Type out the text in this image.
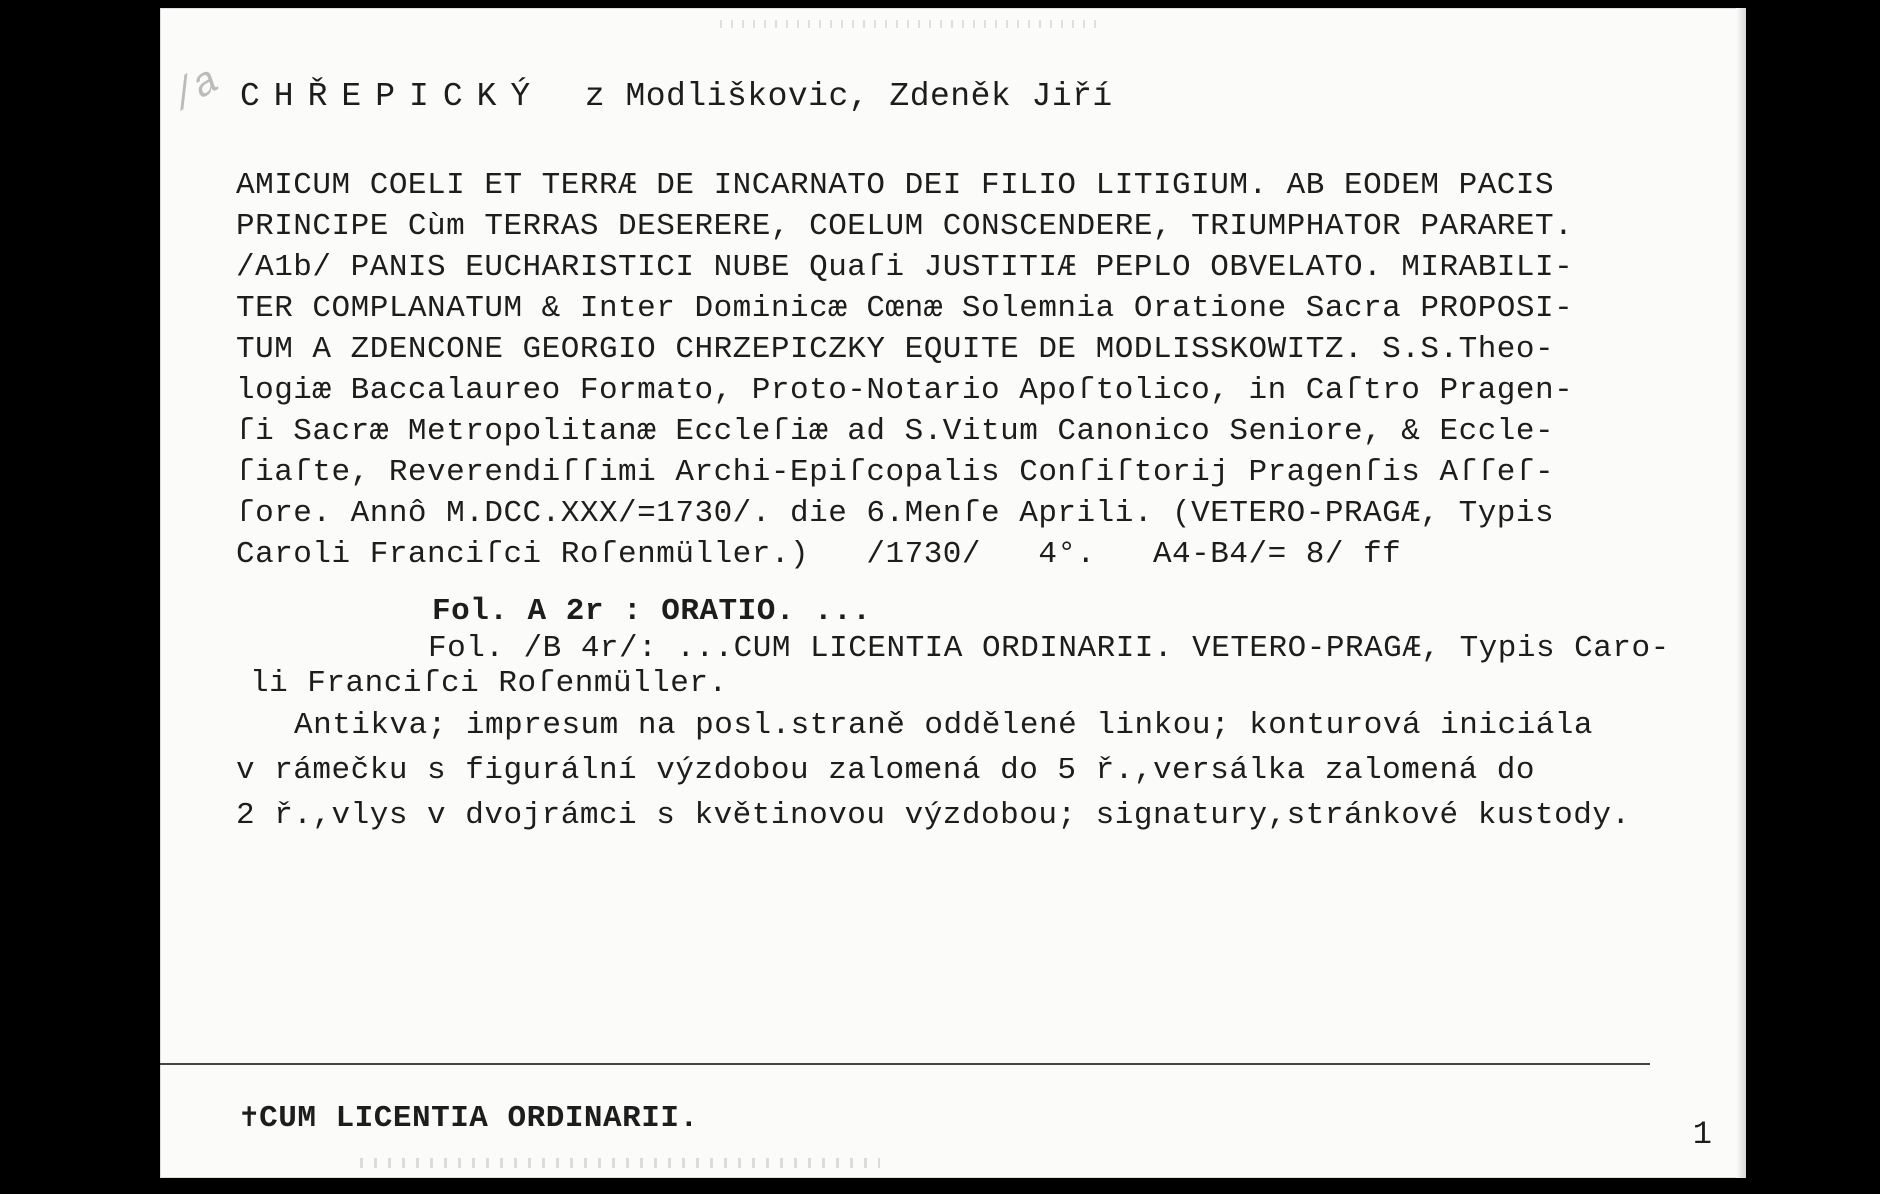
/a CHŘEPICKÝ z Modliškovic, Zdeněk Jiří
AMICUM COELI ET TERRÆ DE INCARNATO DEI FILIO LITIGIUM. AB EODEM PACIS
PRINCIPE Cùm TERRAS DESERERE, COELUM CONSCENDERE, TRIUMPHATOR PARARET.
/A1b/ PANIS EUCHARISTICI NUBE Quaſi JUSTITIÆ PEPLO OBVELATO. MIRABILI-
TER COMPLANATUM & Inter Dominicæ Cœnæ Solemnia Oratione Sacra PROPOSI-
TUM A ZDENCONE GEORGIO CHRZEPICZKY EQUITE DE MODLISSKOWITZ. S.S.Theo-
logiæ Baccalaureo Formato, Proto-Notario Apoſtolico, in Caſtro Pragen-
ſi Sacræ Metropolitanæ Eccleſiæ ad S.Vitum Canonico Seniore, & Eccle-
ſiaſte, Reverendiſſimi Archi-Epiſcopalis Conſiſtorij Pragenſis Aſſeſ-
ſore. Annô M.DCC.XXX/=1730/. die 6.Menſe Aprili. (VETERO-PRAGÆ, Typis
Caroli Franciſci Roſenmüller.)   /1730/   4°.   A4-B4/= 8/ ff
Fol. A 2r : ORATIO. ...
Fol. /B 4r/: ...CUM LICENTIA ORDINARII. VETERO-PRAGÆ, Typis Caro-
li Franciſci Roſenmüller.
Antikva; impresum na posl.straně oddělené linkou; konturová iniciála
v rámečku s figurální výzdobou zalomená do 5 ř.,versálka zalomená do
2 ř.,vlys v dvojrámci s květinovou výzdobou; signatury,stránkové kustody.
✝CUM LICENTIA ORDINARII.	1
